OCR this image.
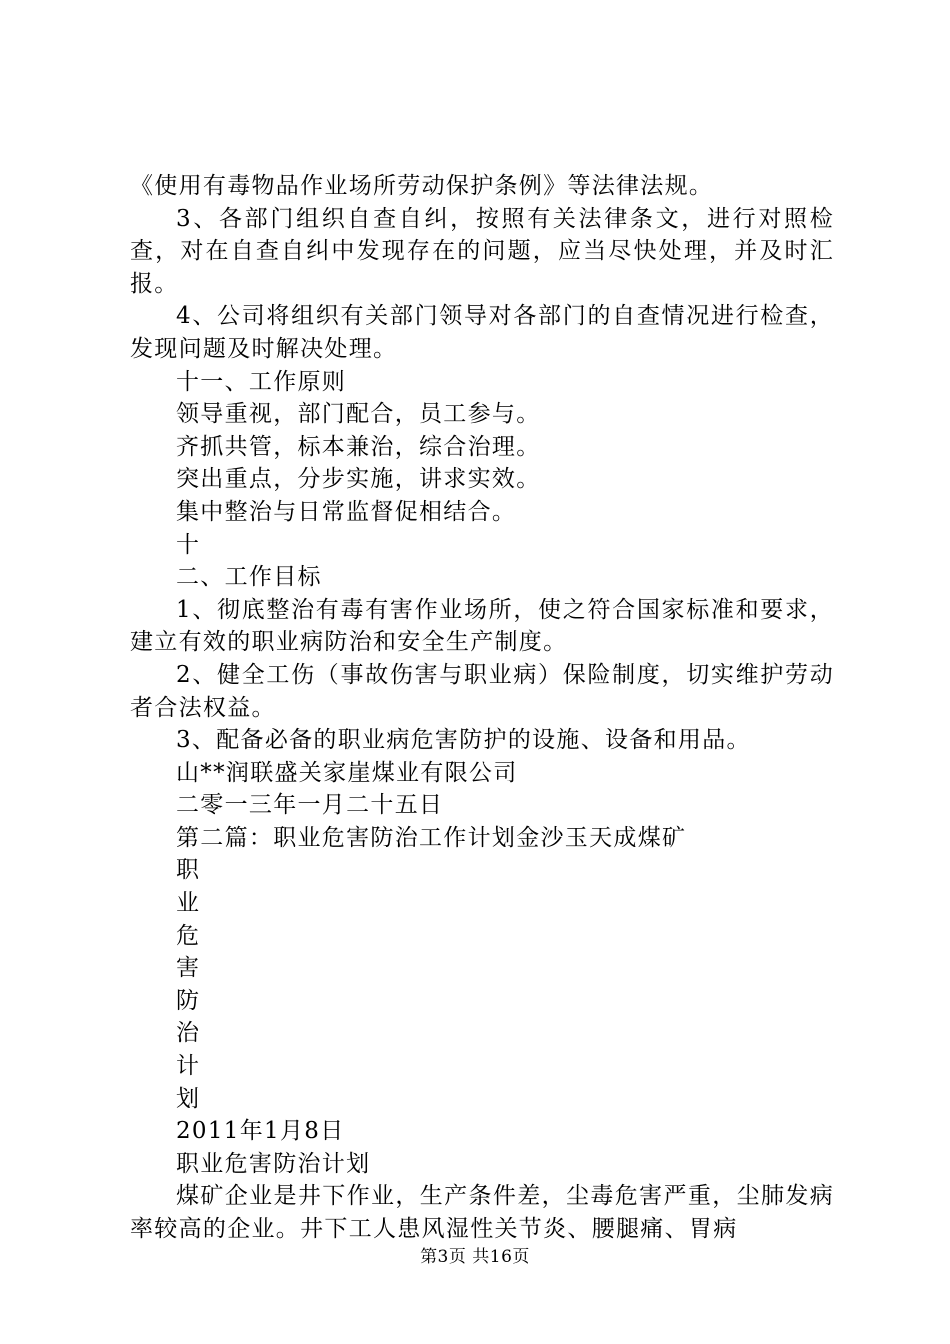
《使用有毒物品作业场所劳动保护条例》等法律法规。

3、各部门组织自查自纠，按照有关法律条文，进行对照检查，对在自查自纠中发现存在的问题，应当尽快处理，并及时汇报。

4、公司将组织有关部门领导对各部门的自查情况进行检查，发现问题及时解决处理。

十一、工作原则

领导重视，部门配合，员工参与。

齐抓共管，标本兼治，综合治理。

突出重点，分步实施，讲求实效。

集中整治与日常监督促相结合。

十

二、工作目标

1、彻底整治有毒有害作业场所，使之符合国家标准和要求，建立有效的职业病防治和安全生产制度。

2、健全工伤（事故伤害与职业病）保险制度，切实维护劳动者合法权益。

3、配备必备的职业病危害防护的设施、设备和用品。

山**润联盛关家崖煤业有限公司

二零一三年一月二十五日

第二篇：职业危害防治工作计划金沙玉天成煤矿

职

业

危

害

防

治

计

划

2011年1月8日

职业危害防治计划

煤矿企业是井下作业，生产条件差，尘毒危害严重，尘肺发病率较高的企业。井下工人患风湿性关节炎、腰腿痛、胃病

第3页 共16页
